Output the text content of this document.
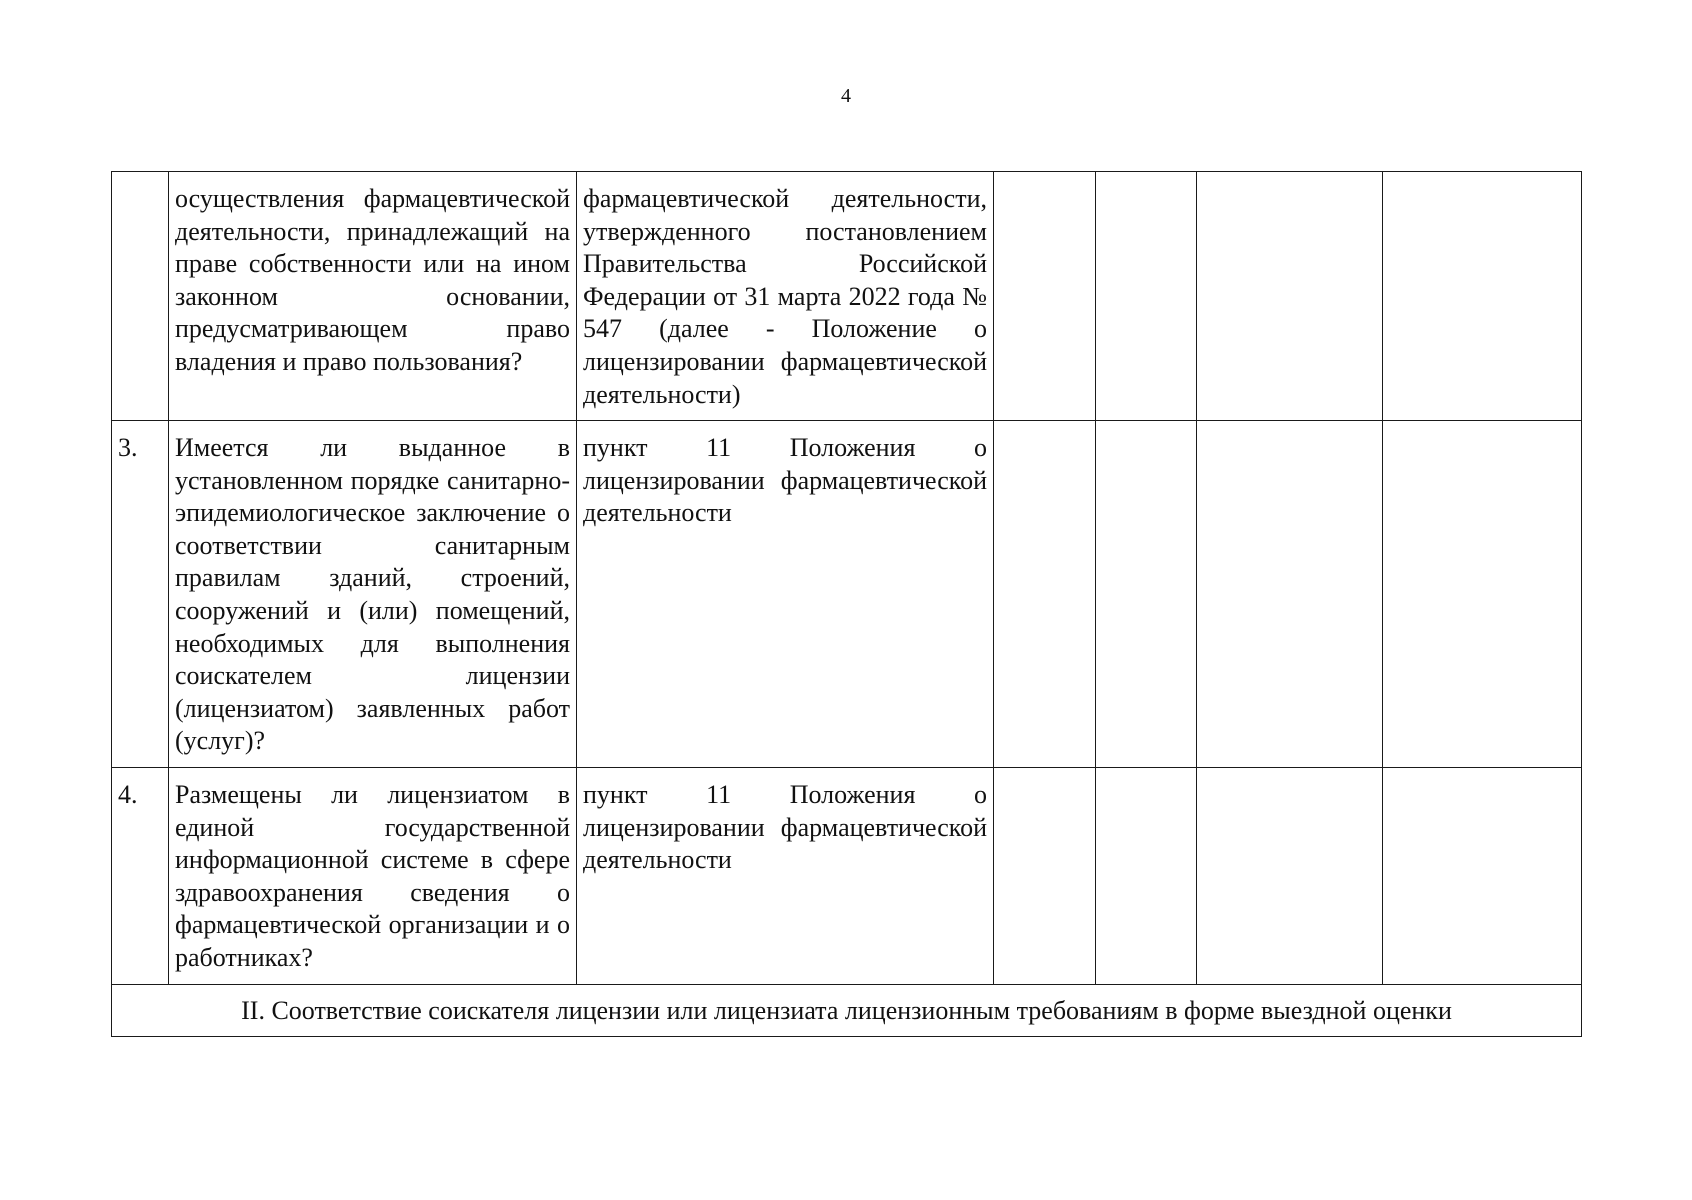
4
	осуществления фармацевтической деятельности, принадлежащий на праве собственности или на ином законном основании, предусматривающем право владения и право пользования?	фармацевтической деятельности, утвержденного постановлением Правительства Российской Федерации от 31 марта 2022 года № 547 (далее - Положение о лицензировании фармацевтической деятельности)				
3.	Имеется ли выданное в установленном порядке санитарно-эпидемиологическое заключение о соответствии санитарным правилам зданий, строений, сооружений и (или) помещений, необходимых для выполнения соискателем лицензии (лицензиатом) заявленных работ (услуг)?	пункт 11 Положения о лицензировании фармацевтической деятельности				
4.	Размещены ли лицензиатом в единой государственной информационной системе в сфере здравоохранения сведения о фармацевтической организации и о работниках?	пункт 11 Положения о лицензировании фармацевтической деятельности				
II. Соответствие соискателя лицензии или лицензиата лицензионным требованиям в форме выездной оценки						
